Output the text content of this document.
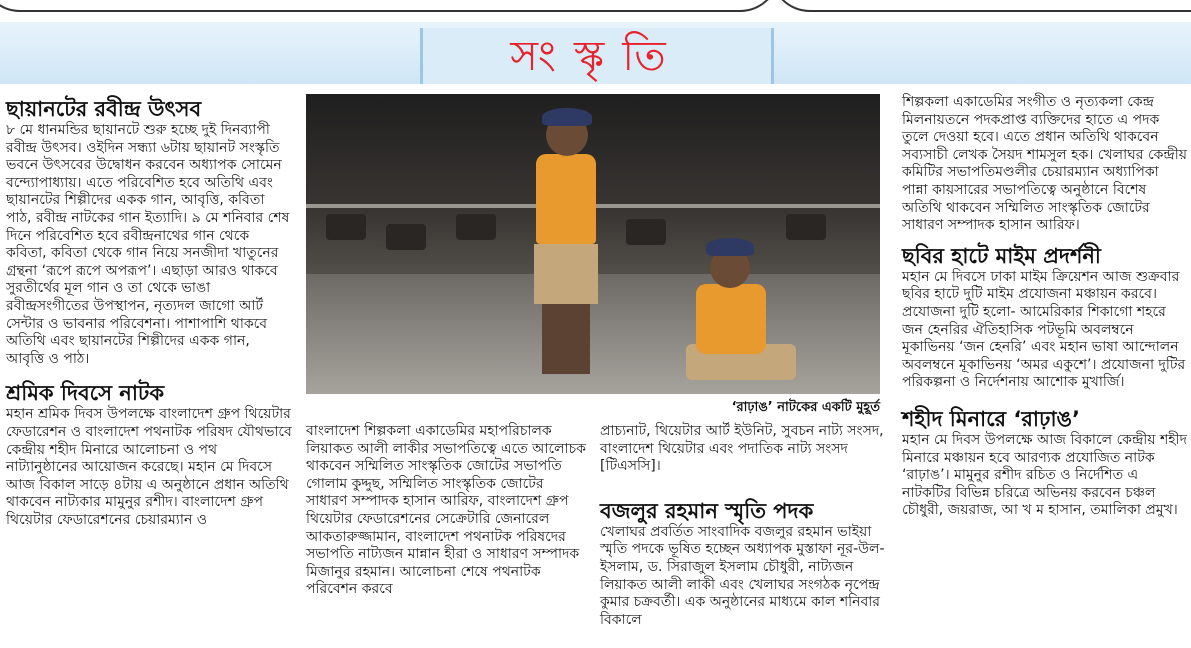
সংস্কৃতি

ছায়ানটের রবীন্দ্র উৎসব

৮ মে ধানমন্ডির ছায়ানটে শুরু হচ্ছে দুই দিনব্যাপী রবীন্দ্র উৎসব। ওইদিন সন্ধ্যা ৬টায় ছায়ানট সংস্কৃতি ভবনে উৎসবের উদ্বোধন করবেন অধ্যাপক সোমেন বন্দ্যোপাধ্যায়। এতে পরিবেশিত হবে অতিথি এবং ছায়ানটের শিল্পীদের একক গান, আবৃত্তি, কবিতা পাঠ, রবীন্দ্র নাটকের গান ইত্যাদি। ৯ মে শনিবার শেষ দিনে পরিবেশিত হবে রবীন্দ্রনাথের গান থেকে কবিতা, কবিতা থেকে গান নিয়ে সনজীদা খাতুনের গ্রন্থনা ‘রূপে রূপে অপরূপ’। এছাড়া আরও থাকবে সুরতীর্থের মূল গান ও তা থেকে ভাঙা রবীন্দ্রসংগীতের উপস্থাপন, নৃত্যদল জাগো আর্ট সেন্টার ও ভাবনার পরিবেশনা। পাশাপাশি থাকবে অতিথি এবং ছায়ানটের শিল্পীদের একক গান, আবৃত্তি ও পাঠ।

শ্রমিক দিবসে নাটক

মহান শ্রমিক দিবস উপলক্ষে বাংলাদেশ গ্রুপ থিয়েটার ফেডারেশন ও বাংলাদেশ পথনাটক পরিষদ যৌথভাবে কেন্দ্রীয় শহীদ মিনারে আলোচনা ও পথ নাট্যানুষ্ঠানের আয়োজন করেছে। মহান মে দিবসে আজ বিকাল সাড়ে ৪টায় এ অনুষ্ঠানে প্রধান অতিথি থাকবেন নাট্যকার মামুনুর রশীদ। বাংলাদেশ গ্রুপ থিয়েটার ফেডারেশনের চেয়ারম্যান ও

‘রাঢ়াঙ’ নাটকের একটি মুহূর্ত

বাংলাদেশ শিল্পকলা একাডেমির মহাপরিচালক লিয়াকত আলী লাকীর সভাপতিত্বে এতে আলোচক থাকবেন সম্মিলিত সাংস্কৃতিক জোটের সভাপতি গোলাম কুদ্দুছ, সম্মিলিত সাংস্কৃতিক জোটের সাধারণ সম্পাদক হাসান আরিফ, বাংলাদেশ গ্রুপ থিয়েটার ফেডারেশনের সেক্রেটারি জেনারেল আকতারুজ্জামান, বাংলাদেশ পথনাটক পরিষদের সভাপতি নাট্যজন মান্নান হীরা ও সাধারণ সম্পাদক মিজানুর রহমান। আলোচনা শেষে পথনাটক পরিবেশন করবে

প্রাচ্যনাট, থিয়েটার আর্ট ইউনিট, সুবচন নাট্য সংসদ, বাংলাদেশ থিয়েটার এবং পদাতিক নাট্য সংসদ [টিএসসি]।

বজলুর রহমান স্মৃতি পদক

খেলাঘর প্রবর্তিত সাংবাদিক বজলুর রহমান ভাইয়া স্মৃতি পদকে ভূষিত হচ্ছেন অধ্যাপক মুস্তাফা নূর-উল-ইসলাম, ড. সিরাজুল ইসলাম চৌধুরী, নাট্যজন লিয়াকত আলী লাকী এবং খেলাঘর সংগঠক নৃপেন্দ্র কুমার চক্রবর্তী। এক অনুষ্ঠানের মাধ্যমে কাল শনিবার বিকালে

শিল্পকলা একাডেমির সংগীত ও নৃত্যকলা কেন্দ্র মিলনায়তনে পদকপ্রাপ্ত ব্যক্তিদের হাতে এ পদক তুলে দেওয়া হবে। এতে প্রধান অতিথি থাকবেন সব্যসাচী লেখক সৈয়দ শামসুল হক। খেলাঘর কেন্দ্রীয় কমিটির সভাপতিমণ্ডলীর চেয়ারম্যান অধ্যাপিকা পান্না কায়সারের সভাপতিত্বে অনুষ্ঠানে বিশেষ অতিথি থাকবেন সম্মিলিত সাংস্কৃতিক জোটের সাধারণ সম্পাদক হাসান আরিফ।

ছবির হাটে মাইম প্রদর্শনী

মহান মে দিবসে ঢাকা মাইম ক্রিয়েশন আজ শুক্রবার ছবির হাটে দুটি মাইম প্রযোজনা মঞ্চায়ন করবে। প্রযোজনা দুটি হলো- আমেরিকার শিকাগো শহরে জন হেনরির ঐতিহাসিক পটভূমি অবলম্বনে মূকাভিনয় ‘জন হেনরি’ এবং মহান ভাষা আন্দোলন অবলম্বনে মূকাভিনয় ‘অমর একুশে’। প্রযোজনা দুটির পরিকল্পনা ও নির্দেশনায় আশোক মুখার্জি।

শহীদ মিনারে ‘রাঢ়াঙ’

মহান মে দিবস উপলক্ষে আজ বিকালে কেন্দ্রীয় শহীদ মিনারে মঞ্চায়ন হবে আরণ্যক প্রযোজিত নাটক ‘রাঢ়াঙ’। মামুনুর রশীদ রচিত ও নির্দেশিত এ নাটকটির বিভিন্ন চরিত্রে অভিনয় করবেন চঞ্চল চৌধুরী, জয়রাজ, আ খ ম হাসান, তমালিকা প্রমুখ।
